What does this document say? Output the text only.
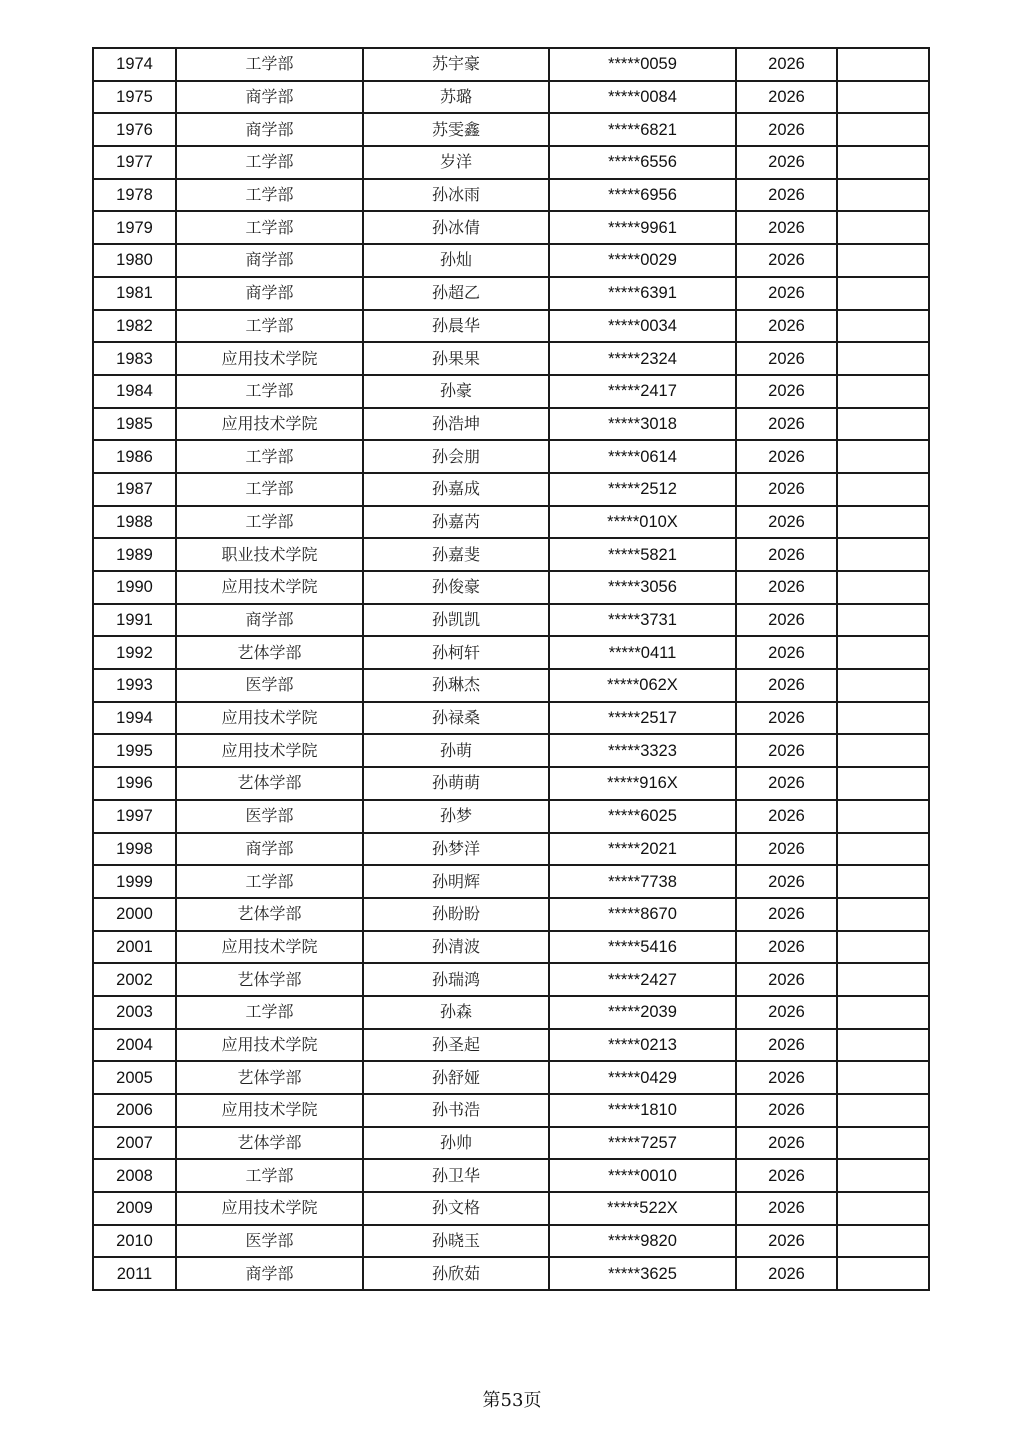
1974	工学部	苏宇豪	*****0059	2026	
1975	商学部	苏璐	*****0084	2026	
1976	商学部	苏雯鑫	*****6821	2026	
1977	工学部	岁洋	*****6556	2026	
1978	工学部	孙冰雨	*****6956	2026	
1979	工学部	孙冰倩	*****9961	2026	
1980	商学部	孙灿	*****0029	2026	
1981	商学部	孙超乙	*****6391	2026	
1982	工学部	孙晨华	*****0034	2026	
1983	应用技术学院	孙果果	*****2324	2026	
1984	工学部	孙豪	*****2417	2026	
1985	应用技术学院	孙浩坤	*****3018	2026	
1986	工学部	孙会朋	*****0614	2026	
1987	工学部	孙嘉成	*****2512	2026	
1988	工学部	孙嘉芮	*****010X	2026	
1989	职业技术学院	孙嘉斐	*****5821	2026	
1990	应用技术学院	孙俊豪	*****3056	2026	
1991	商学部	孙凯凯	*****3731	2026	
1992	艺体学部	孙柯轩	*****0411	2026	
1993	医学部	孙琳杰	*****062X	2026	
1994	应用技术学院	孙禄桑	*****2517	2026	
1995	应用技术学院	孙萌	*****3323	2026	
1996	艺体学部	孙萌萌	*****916X	2026	
1997	医学部	孙梦	*****6025	2026	
1998	商学部	孙梦洋	*****2021	2026	
1999	工学部	孙明辉	*****7738	2026	
2000	艺体学部	孙盼盼	*****8670	2026	
2001	应用技术学院	孙清波	*****5416	2026	
2002	艺体学部	孙瑞鸿	*****2427	2026	
2003	工学部	孙森	*****2039	2026	
2004	应用技术学院	孙圣起	*****0213	2026	
2005	艺体学部	孙舒娅	*****0429	2026	
2006	应用技术学院	孙书浩	*****1810	2026	
2007	艺体学部	孙帅	*****7257	2026	
2008	工学部	孙卫华	*****0010	2026	
2009	应用技术学院	孙文格	*****522X	2026	
2010	医学部	孙晓玉	*****9820	2026	
2011	商学部	孙欣茹	*****3625	2026	
第53页
